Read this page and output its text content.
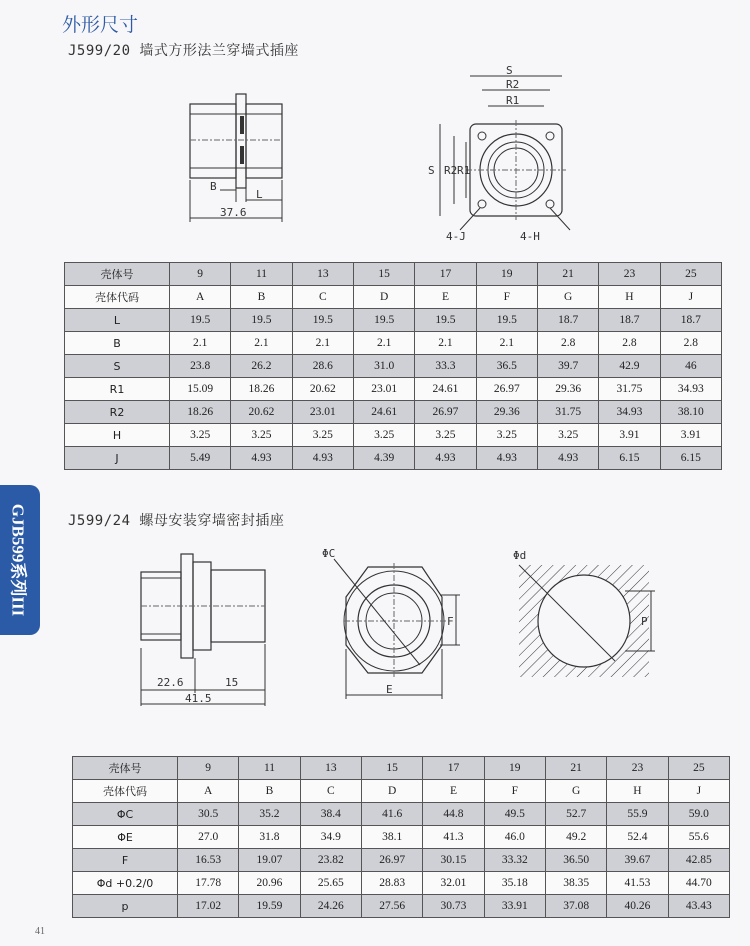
GJB599系列III
外形尺寸
J599/20 墙式方形法兰穿墙式插座
B
L
37.6
S
R2
R1
S R2 R1
4-J	4-H
壳体号	9	11	13	15	17	19	21	23	25
壳体代码	A	B	C	D	E	F	G	H	J
L	19.5	19.5	19.5	19.5	19.5	19.5	18.7	18.7	18.7
B	2.1	2.1	2.1	2.1	2.1	2.1	2.8	2.8	2.8
S	23.8	26.2	28.6	31.0	33.3	36.5	39.7	42.9	46
R1	15.09	18.26	20.62	23.01	24.61	26.97	29.36	31.75	34.93
R2	18.26	20.62	23.01	24.61	26.97	29.36	31.75	34.93	38.10
H	3.25	3.25	3.25	3.25	3.25	3.25	3.25	3.91	3.91
J	5.49	4.93	4.93	4.39	4.93	4.93	4.93	6.15	6.15
J599/24 螺母安装穿墙密封插座
22.6	15
41.5
ΦC
E
F
Φd
P
壳体号	9	11	13	15	17	19	21	23	25
壳体代码	A	B	C	D	E	F	G	H	J
ΦC	30.5	35.2	38.4	41.6	44.8	49.5	52.7	55.9	59.0
ΦE	27.0	31.8	34.9	38.1	41.3	46.0	49.2	52.4	55.6
F	16.53	19.07	23.82	26.97	30.15	33.32	36.50	39.67	42.85
Φd +0.2/0	17.78	20.96	25.65	28.83	32.01	35.18	38.35	41.53	44.70
p	17.02	19.59	24.26	27.56	30.73	33.91	37.08	40.26	43.43
41
